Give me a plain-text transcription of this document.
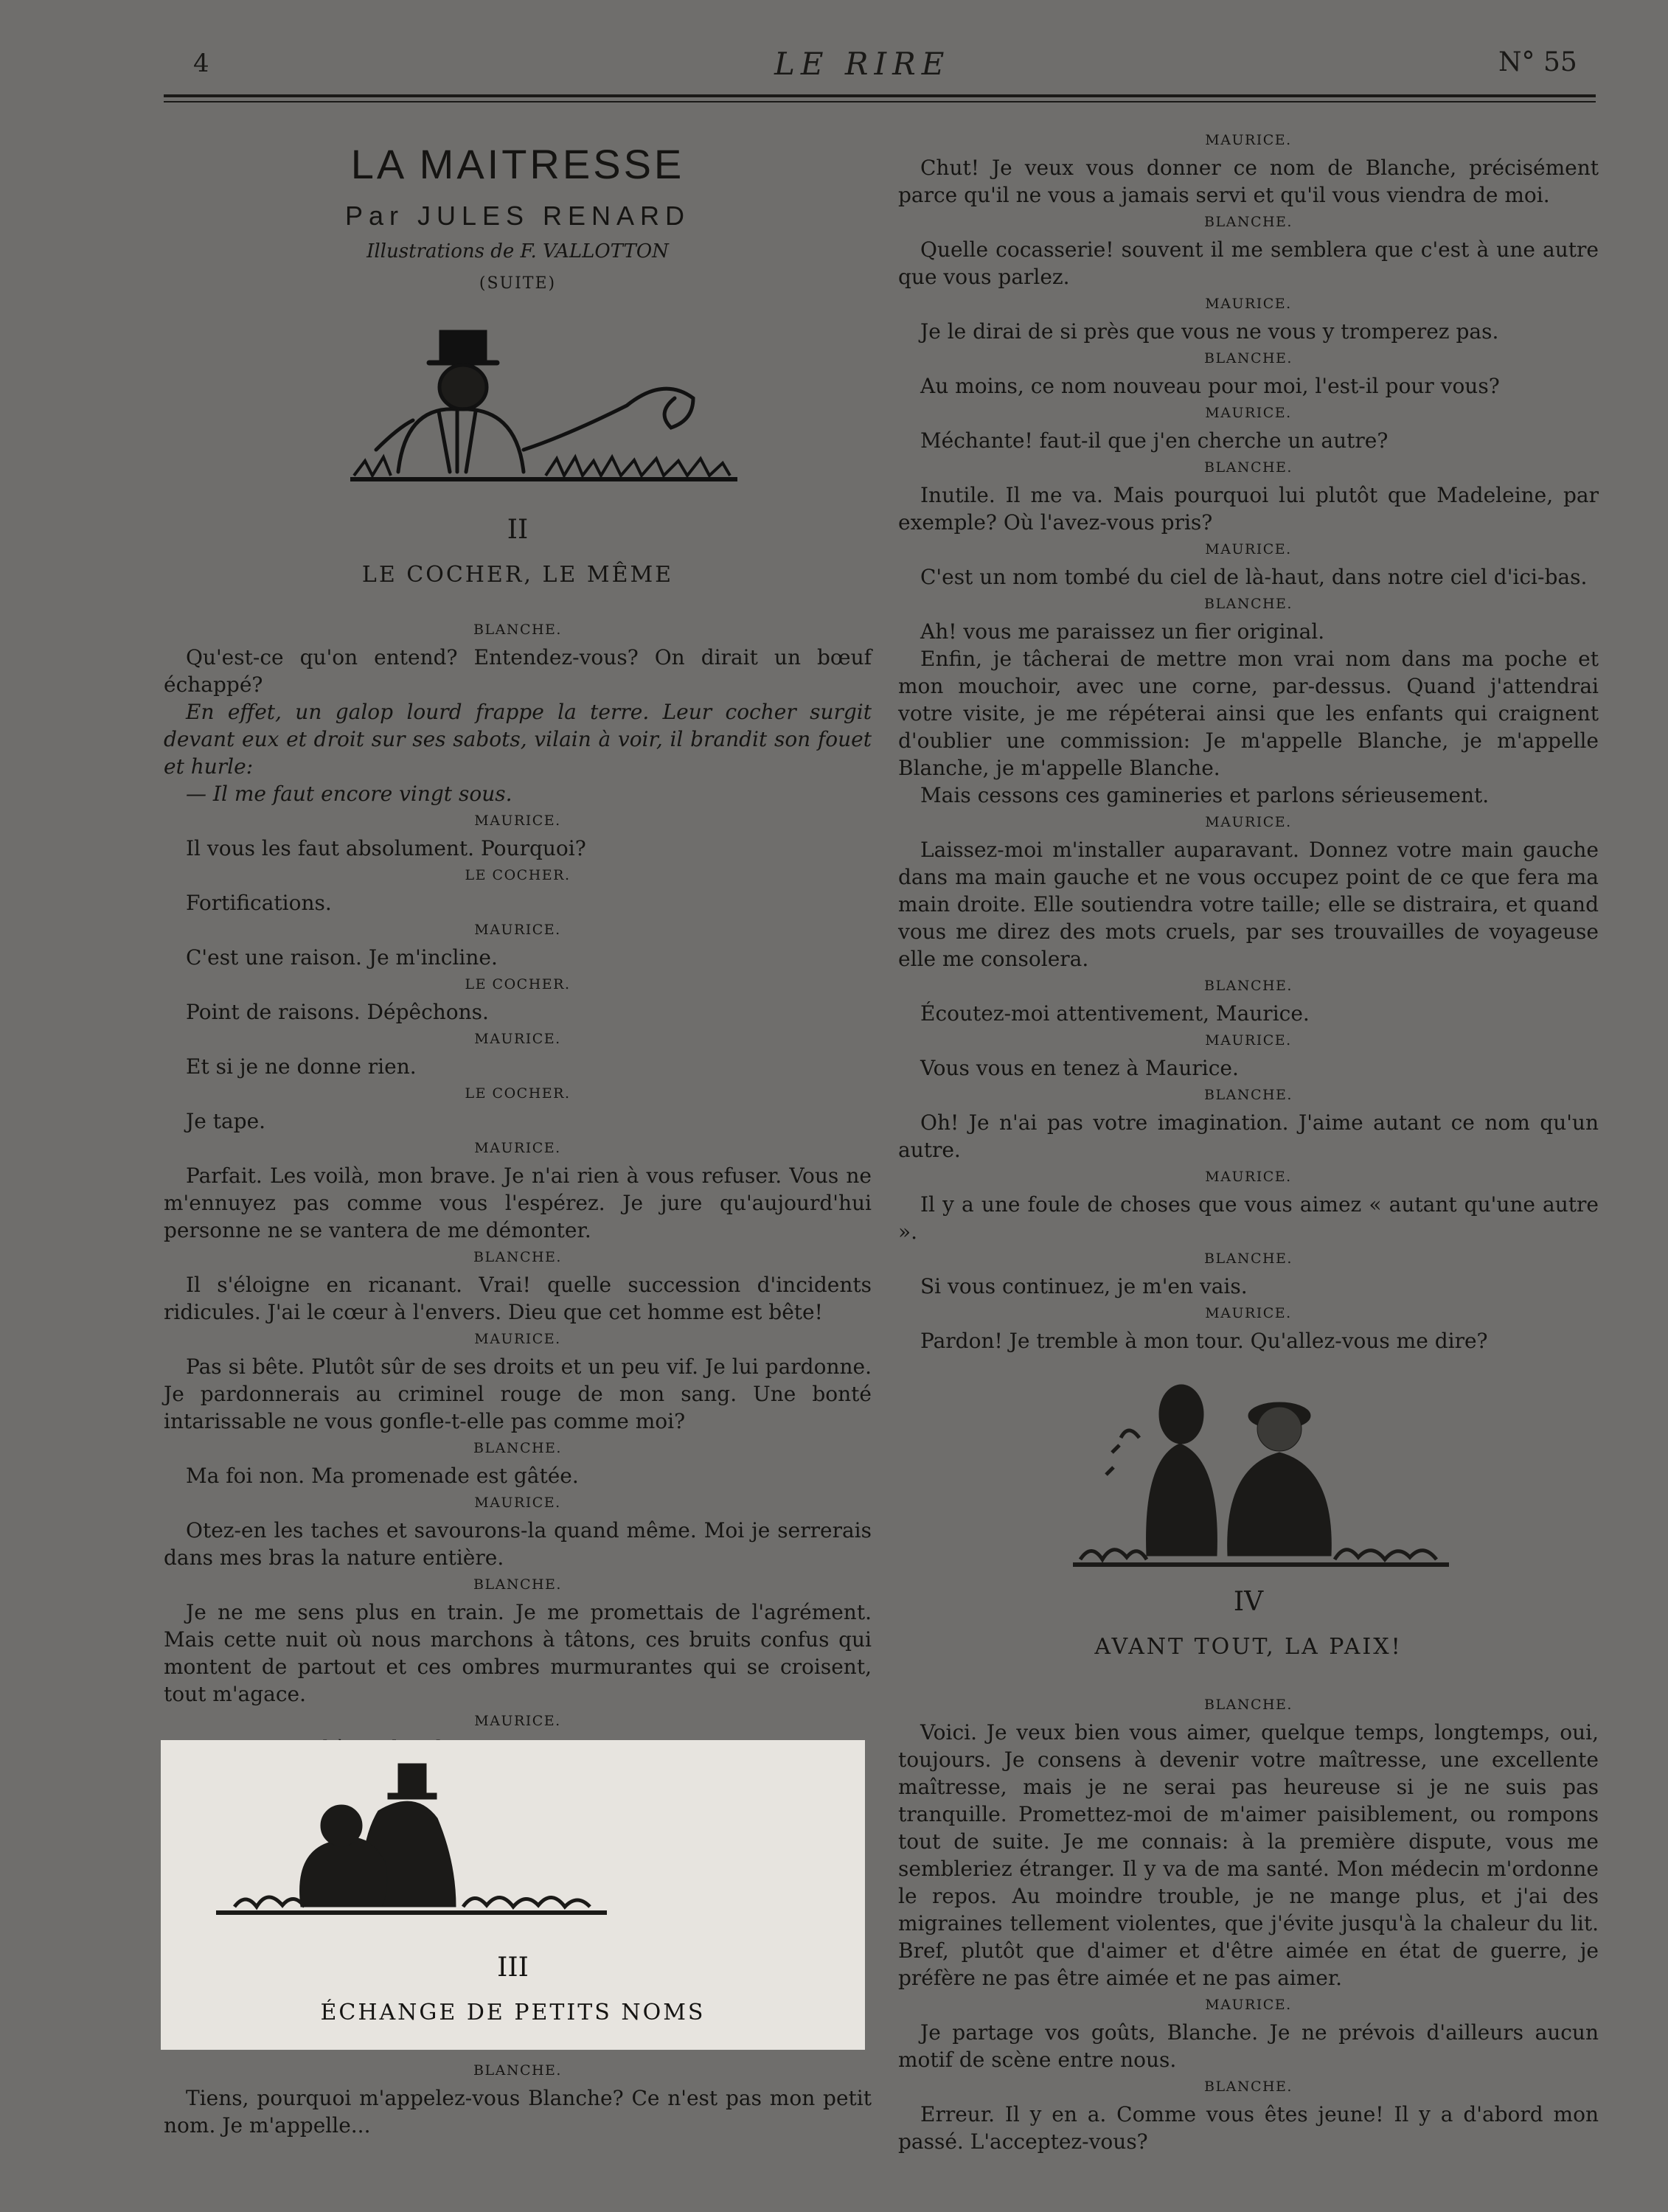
4	LE RIRE	N° 55
LA MAITRESSE
Par JULES RENARD
Illustrations de F. VALLOTTON
(SUITE)
II
LE COCHER, LE MÊME
BLANCHE.

Qu'est-ce qu'on entend? Entendez-vous? On dirait un bœuf échappé?

En effet, un galop lourd frappe la terre. Leur cocher surgit devant eux et droit sur ses sabots, vilain à voir, il brandit son fouet et hurle:

— Il me faut encore vingt sous.

MAURICE.

Il vous les faut absolument. Pourquoi?

LE COCHER.

Fortifications.

MAURICE.

C'est une raison. Je m'incline.

LE COCHER.

Point de raisons. Dépêchons.

MAURICE.

Et si je ne donne rien.

LE COCHER.

Je tape.

MAURICE.

Parfait. Les voilà, mon brave. Je n'ai rien à vous refuser. Vous ne m'ennuyez pas comme vous l'espérez. Je jure qu'aujourd'hui personne ne se vantera de me démonter.

BLANCHE.

Il s'éloigne en ricanant. Vrai! quelle succession d'incidents ridicules. J'ai le cœur à l'envers. Dieu que cet homme est bête!

MAURICE.

Pas si bête. Plutôt sûr de ses droits et un peu vif. Je lui pardonne. Je pardonnerais au criminel rouge de mon sang. Une bonté intarissable ne vous gonfle-t-elle pas comme moi?

BLANCHE.

Ma foi non. Ma promenade est gâtée.

MAURICE.

Otez-en les taches et savourons-la quand même. Moi je serrerais dans mes bras la nature entière.

BLANCHE.

Je ne me sens plus en train. Je me promettais de l'agrément. Mais cette nuit où nous marchons à tâtons, ces bruits confus qui montent de partout et ces ombres murmurantes qui se croisent, tout m'agace.

MAURICE.

III
ÉCHANGE DE PETITS NOMS
BLANCHE.

Tiens, pourquoi m'appelez-vous Blanche? Ce n'est pas mon petit nom. Je m'appelle...

MAURICE.

Chut! Je veux vous donner ce nom de Blanche, précisément parce qu'il ne vous a jamais servi et qu'il vous viendra de moi.

BLANCHE.

Quelle cocasserie! souvent il me semblera que c'est à une autre que vous parlez.

MAURICE.

Je le dirai de si près que vous ne vous y tromperez pas.

BLANCHE.

Au moins, ce nom nouveau pour moi, l'est-il pour vous?

MAURICE.

Méchante! faut-il que j'en cherche un autre?

BLANCHE.

Inutile. Il me va. Mais pourquoi lui plutôt que Madeleine, par exemple? Où l'avez-vous pris?

MAURICE.

C'est un nom tombé du ciel de là-haut, dans notre ciel d'ici-bas.

BLANCHE.

Ah! vous me paraissez un fier original.

Enfin, je tâcherai de mettre mon vrai nom dans ma poche et mon mouchoir, avec une corne, par-dessus. Quand j'attendrai votre visite, je me répéterai ainsi que les enfants qui craignent d'oublier une commission: Je m'appelle Blanche, je m'appelle Blanche, je m'appelle Blanche.

Mais cessons ces gamineries et parlons sérieusement.

MAURICE.

Laissez-moi m'installer auparavant. Donnez votre main gauche dans ma main gauche et ne vous occupez point de ce que fera ma main droite. Elle soutiendra votre taille; elle se distraira, et quand vous me direz des mots cruels, par ses trouvailles de voyageuse elle me consolera.

BLANCHE.

Écoutez-moi attentivement, Maurice.

MAURICE.

Vous vous en tenez à Maurice.

BLANCHE.

Oh! Je n'ai pas votre imagination. J'aime autant ce nom qu'un autre.

MAURICE.

Il y a une foule de choses que vous aimez « autant qu'une autre ».

BLANCHE.

Si vous continuez, je m'en vais.

MAURICE.

Pardon! Je tremble à mon tour. Qu'allez-vous me dire?

IV
AVANT TOUT, LA PAIX!
BLANCHE.

Voici. Je veux bien vous aimer, quelque temps, longtemps, oui, toujours. Je consens à devenir votre maîtresse, une excellente maîtresse, mais je ne serai pas heureuse si je ne suis pas tranquille. Promettez-moi de m'aimer paisiblement, ou rompons tout de suite. Je me connais: à la première dispute, vous me sembleriez étranger. Il y va de ma santé. Mon médecin m'ordonne le repos. Au moindre trouble, je ne mange plus, et j'ai des migraines tellement violentes, que j'évite jusqu'à la chaleur du lit. Bref, plutôt que d'aimer et d'être aimée en état de guerre, je préfère ne pas être aimée et ne pas aimer.

MAURICE.

Je partage vos goûts, Blanche. Je ne prévois d'ailleurs aucun motif de scène entre nous.

BLANCHE.

Erreur. Il y en a. Comme vous êtes jeune! Il y a d'abord mon passé. L'acceptez-vous?
